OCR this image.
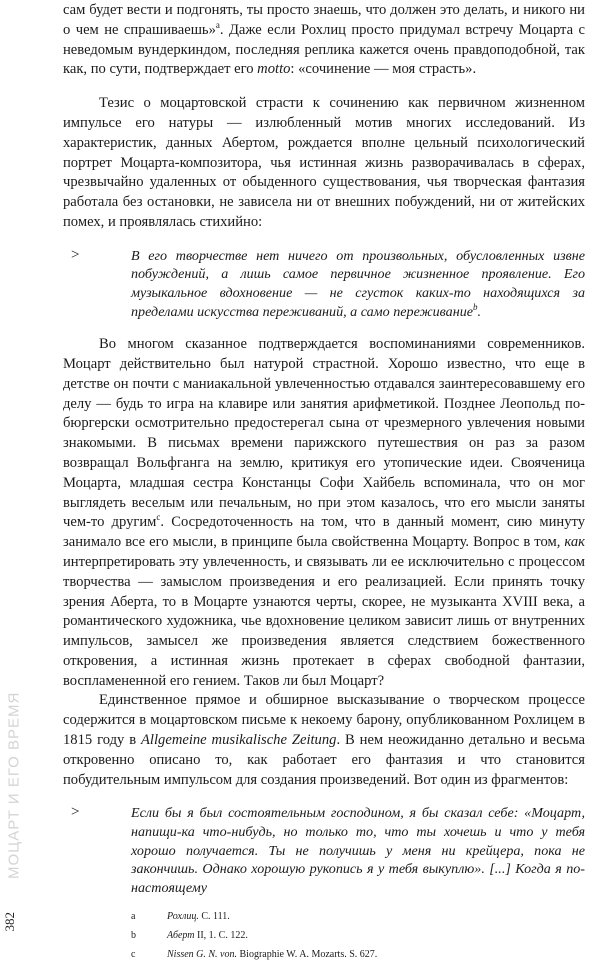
МОЦАРТ И ЕГО ВРЕМЯ
382

сам будет вести и подгонять, ты просто знаешь, что должен это делать, и никого ни о чем не спрашиваешь»$^a$. Даже если Рохлиц просто придумал встречу Моцарта с неведомым вундеркиндом, последняя реплика кажется очень правдоподобной, так как, по сути, подтверждает его motto: «сочинение — моя страсть».

Тезис о моцартовской страсти к сочинению как первичном жизненном импульсе его натуры — излюбленный мотив многих исследований. Из характеристик, данных Абертом, рождается вполне цельный психологический портрет Моцарта-композитора, чья истинная жизнь разворачивалась в сферах, чрезвычайно удаленных от обыденного существования, чья творческая фантазия работала без остановки, не зависела ни от внешних побуждений, ни от житейских помех, и проявлялась стихийно:

>	В его творчестве нет ничего от произвольных, обусловленных извне побуждений, а лишь самое первичное жизненное проявление. Его музыкальное вдохновение — не сгусток каких-то находящихся за пределами искусства переживаний, а само переживание$^b$.

Во многом сказанное подтверждается воспоминаниями современников. Моцарт действительно был натурой страстной. Хорошо известно, что еще в детстве он почти с маниакальной увлеченностью отдавался заинтересовавшему его делу — будь то игра на клавире или занятия арифметикой. Позднее Леопольд по-бюргерски осмотрительно предостерегал сына от чрезмерного увлечения новыми знакомыми. В письмах времени парижского путешествия он раз за разом возвращал Вольфганга на землю, критикуя его утопические идеи. Свояченица Моцарта, младшая сестра Констанцы Софи Хайбель вспоминала, что он мог выглядеть веселым или печальным, но при этом казалось, что его мысли заняты чем-то другим$^c$. Сосредоточенность на том, что в данный момент, сию минуту занимало все его мысли, в принципе была свойственна Моцарту. Вопрос в том, как интерпретировать эту увлеченность, и связывать ли ее исключительно с процессом творчества — замыслом произведения и его реализацией. Если принять точку зрения Аберта, то в Моцарте узнаются черты, скорее, не музыканта XVIII века, а романтического художника, чье вдохновение целиком зависит лишь от внутренних импульсов, замысел же произведения является следствием божественного откровения, а истинная жизнь протекает в сферах свободной фантазии, воспламененной его гением. Таков ли был Моцарт?

Единственное прямое и обширное высказывание о творческом процессе содержится в моцартовском письме к некоему барону, опубликованном Рохлицем в 1815 году в Allgemeine musikalische Zeitung. В нем неожиданно детально и весьма откровенно описано то, как работает его фантазия и что становится побудительным импульсом для создания произведений. Вот один из фрагментов:

>	Если бы я был состоятельным господином, я бы сказал себе: «Моцарт, напищи-ка что-нибудь, но только то, что ты хочешь и что у тебя хорошо получается. Ты не получишь у меня ни крейцера, пока не закончишь. Однако хорошую рукопись я у тебя выкуплю». [...] Когда я по-настоящему

a	Рохлиц. С. 111.
b	Аберт II, 1. С. 122.
c	Nissen G. N. von. Biographie W. A. Mozarts. S. 627.
